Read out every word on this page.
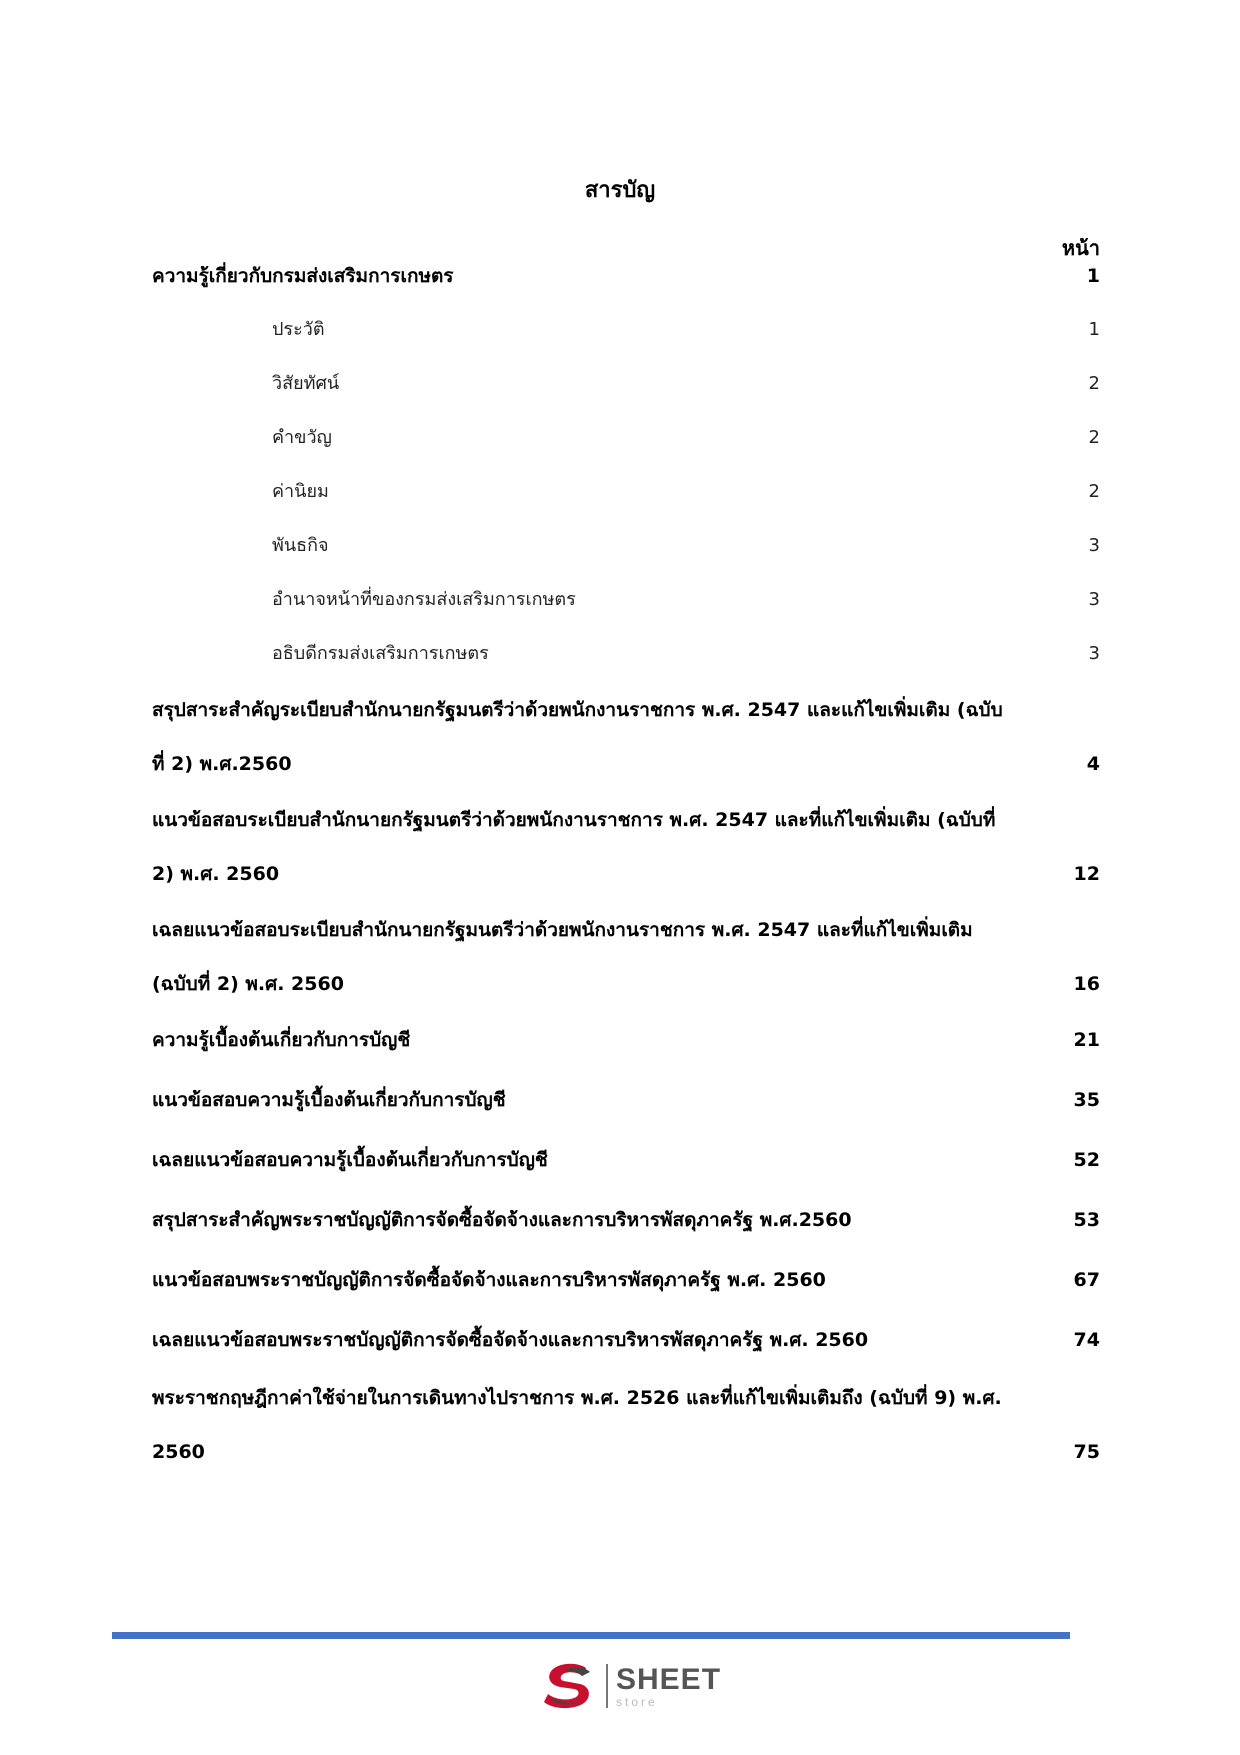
สารบัญ
หน้า
ความรู้เกี่ยวกับกรมส่งเสริมการเกษตร .....	1
ประวัติ .....	1
วิสัยทัศน์ .....	2
คำขวัญ .....	2
ค่านิยม .....	2
พันธกิจ .....	3
อำนาจหน้าที่ของกรมส่งเสริมการเกษตร .....	3
อธิบดีกรมส่งเสริมการเกษตร .....	3
สรุปสาระสำคัญระเบียบสำนักนายกรัฐมนตรีว่าด้วยพนักงานราชการ พ.ศ. 2547 และแก้ไขเพิ่มเติม (ฉบับ
ที่ 2) พ.ศ.2560 .....	4
แนวข้อสอบระเบียบสำนักนายกรัฐมนตรีว่าด้วยพนักงานราชการ พ.ศ. 2547 และที่แก้ไขเพิ่มเติม (ฉบับที่
2) พ.ศ. 2560 .....	12
เฉลยแนวข้อสอบระเบียบสำนักนายกรัฐมนตรีว่าด้วยพนักงานราชการ พ.ศ. 2547 และที่แก้ไขเพิ่มเติม
(ฉบับที่ 2) พ.ศ. 2560 .....	16
ความรู้เบื้องต้นเกี่ยวกับการบัญชี .....	21
แนวข้อสอบความรู้เบื้องต้นเกี่ยวกับการบัญชี .....	35
เฉลยแนวข้อสอบความรู้เบื้องต้นเกี่ยวกับการบัญชี .....	52
สรุปสาระสำคัญพระราชบัญญัติการจัดซื้อจัดจ้างและการบริหารพัสดุภาครัฐ พ.ศ.2560 .....	53
แนวข้อสอบพระราชบัญญัติการจัดซื้อจัดจ้างและการบริหารพัสดุภาครัฐ พ.ศ. 2560 .....	67
เฉลยแนวข้อสอบพระราชบัญญัติการจัดซื้อจัดจ้างและการบริหารพัสดุภาครัฐ พ.ศ. 2560 .....	74
พระราชกฤษฎีกาค่าใช้จ่ายในการเดินทางไปราชการ พ.ศ. 2526 และที่แก้ไขเพิ่มเติมถึง (ฉบับที่ 9) พ.ศ.
2560 .....	75
SHEET
store
